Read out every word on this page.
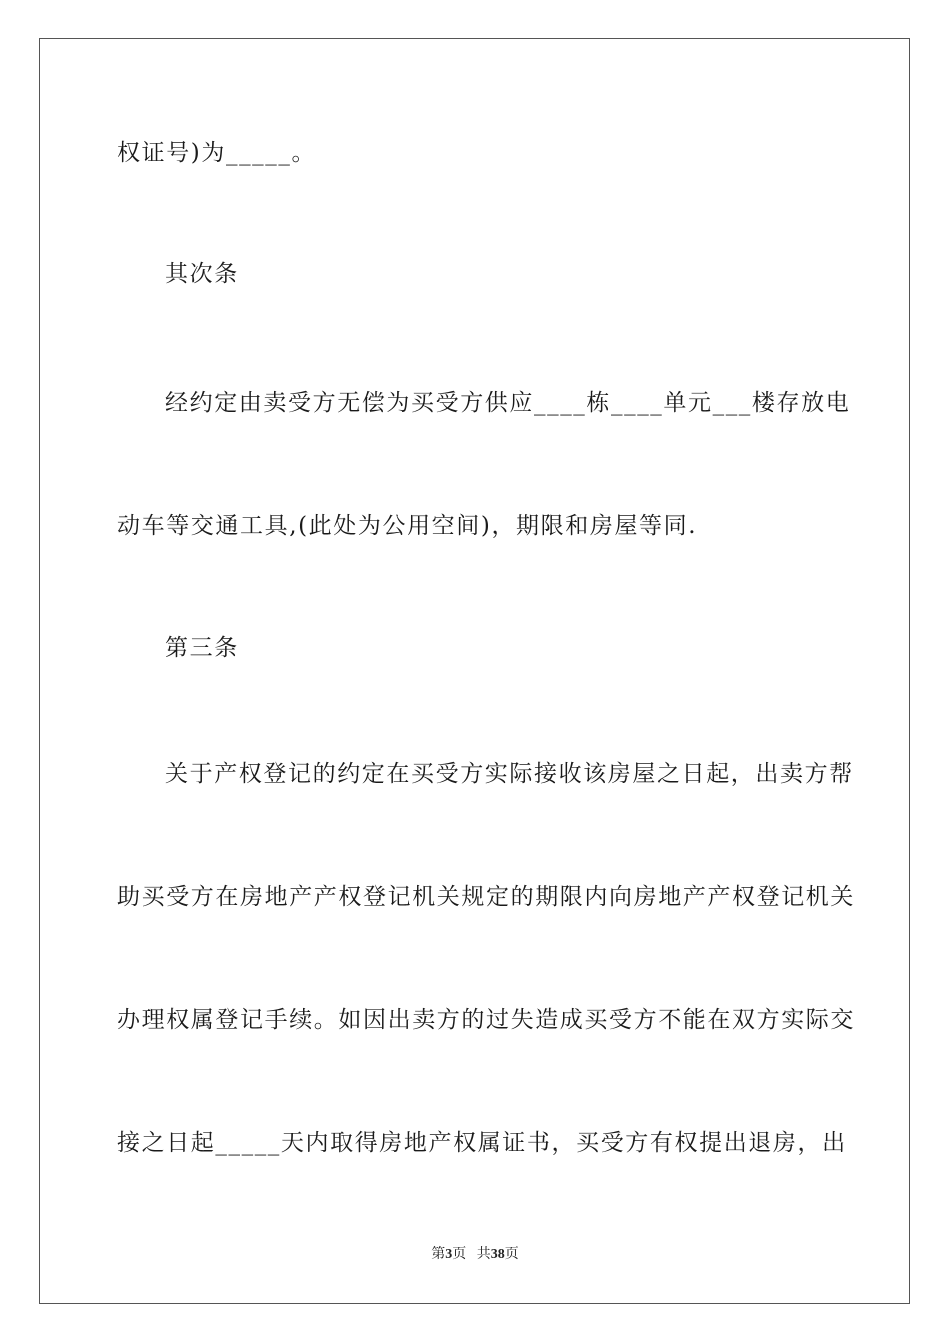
权证号)为_____。
其次条
经约定由卖受方无偿为买受方供应____栋____单元___楼存放电
动车等交通工具,(此处为公用空间)，期限和房屋等同.
第三条
关于产权登记的约定在买受方实际接收该房屋之日起，出卖方帮
助买受方在房地产产权登记机关规定的期限内向房地产产权登记机关
办理权属登记手续。如因出卖方的过失造成买受方不能在双方实际交
接之日起_____天内取得房地产权属证书，买受方有权提出退房，出
第3页 共38页
